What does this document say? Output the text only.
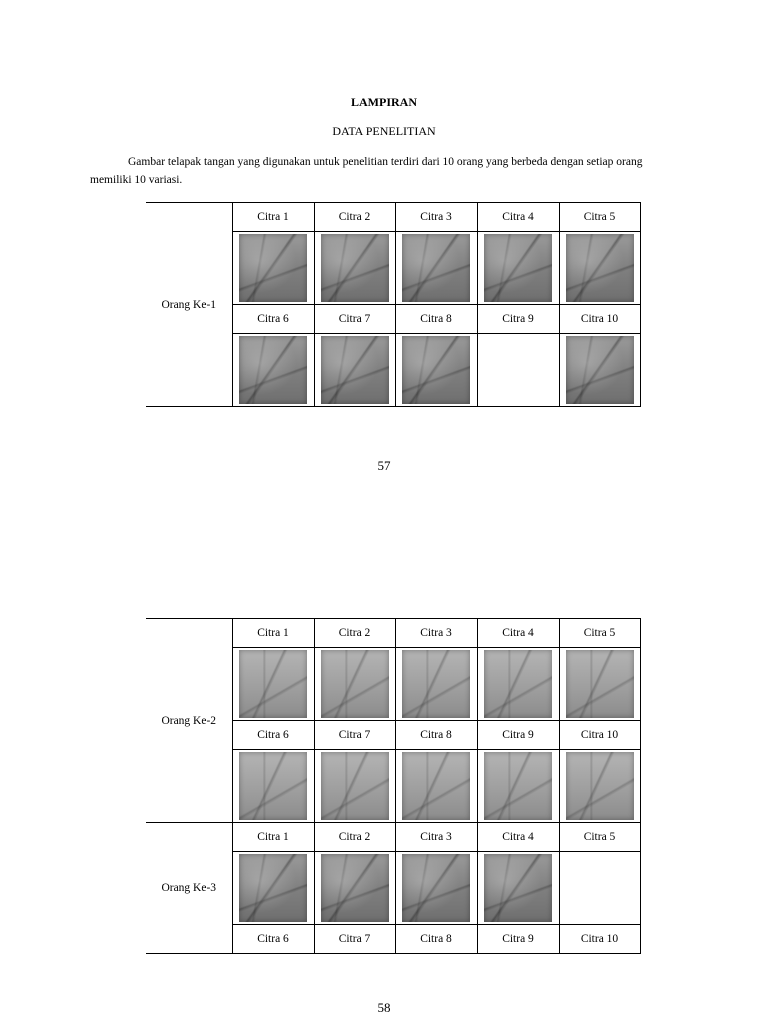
LAMPIRAN
DATA PENELITIAN
Gambar telapak tangan yang digunakan untuk penelitian terdiri dari 10 orang yang berbeda dengan setiap orang memiliki 10 variasi.
Orang Ke-1	Citra 1	Citra 2	Citra 3	Citra 4	Citra 5

	Citra 6	Citra 7	Citra 8	Citra 9	Citra 10

57
Orang Ke-2	Citra 1	Citra 2	Citra 3	Citra 4	Citra 5

	Citra 6	Citra 7	Citra 8	Citra 9	Citra 10

Orang Ke-3	Citra 1	Citra 2	Citra 3	Citra 4	Citra 5

	Citra 6	Citra 7	Citra 8	Citra 9	Citra 10
58
